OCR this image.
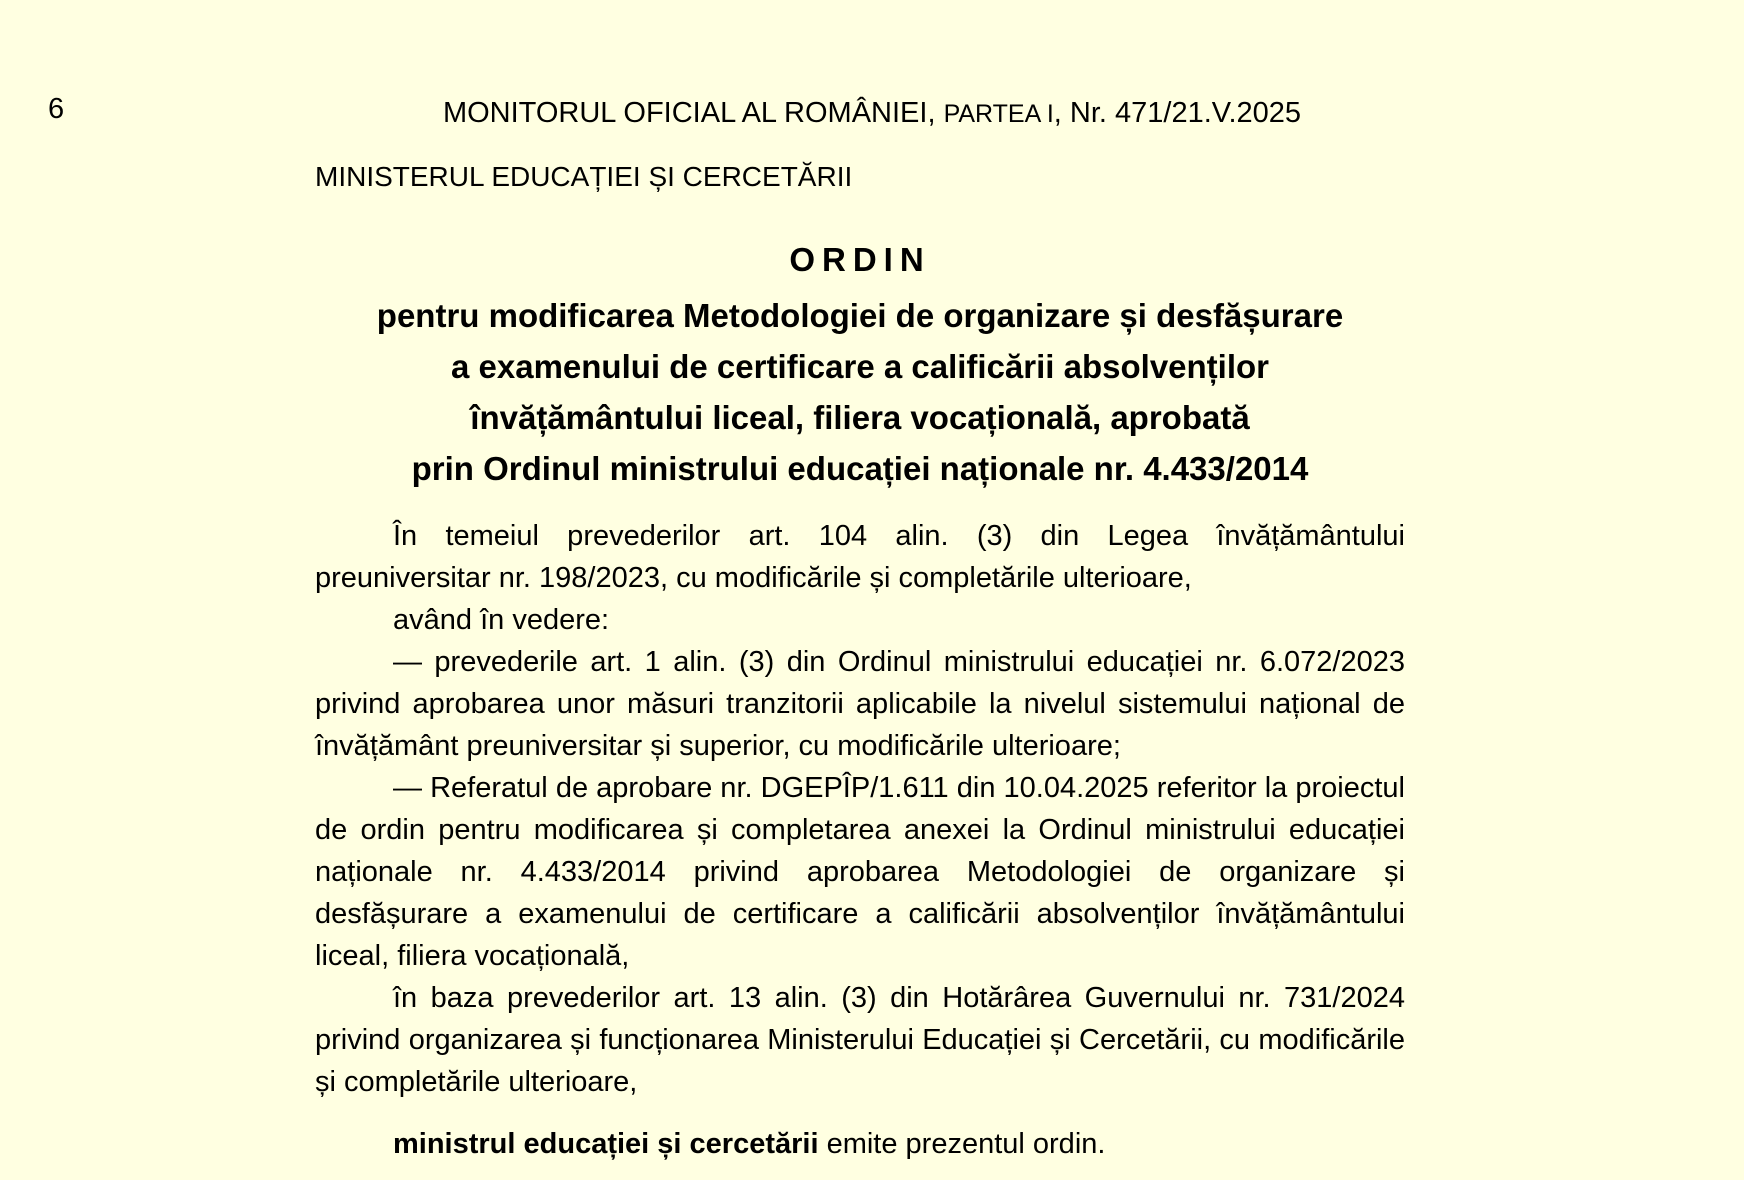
6	MONITORUL OFICIAL AL ROMÂNIEI, PARTEA I, Nr. 471/21.V.2025
MINISTERUL EDUCAȚIEI ȘI CERCETĂRII
ORDIN
pentru modificarea Metodologiei de organizare și desfășurare
a examenului de certificare a calificării absolvenților
învățământului liceal, filiera vocațională, aprobată
prin Ordinul ministrului educației naționale nr. 4.433/2014

În temeiul prevederilor art. 104 alin. (3) din Legea învățământului preuniversitar nr. 198/2023, cu modificările și completările ulterioare,

având în vedere:

— prevederile art. 1 alin. (3) din Ordinul ministrului educației nr. 6.072/2023 privind aprobarea unor măsuri tranzitorii aplicabile la nivelul sistemului național de învățământ preuniversitar și superior, cu modificările ulterioare;

— Referatul de aprobare nr. DGEPÎP/1.611 din 10.04.2025 referitor la proiectul de ordin pentru modificarea și completarea anexei la Ordinul ministrului educației naționale nr. 4.433/2014 privind aprobarea Metodologiei de organizare și desfășurare a examenului de certificare a calificării absolvenților învățământului liceal, filiera vocațională,

în baza prevederilor art. 13 alin. (3) din Hotărârea Guvernului nr. 731/2024 privind organizarea și funcționarea Ministerului Educației și Cercetării, cu modificările și completările ulterioare,

ministrul educației și cercetării emite prezentul ordin.
